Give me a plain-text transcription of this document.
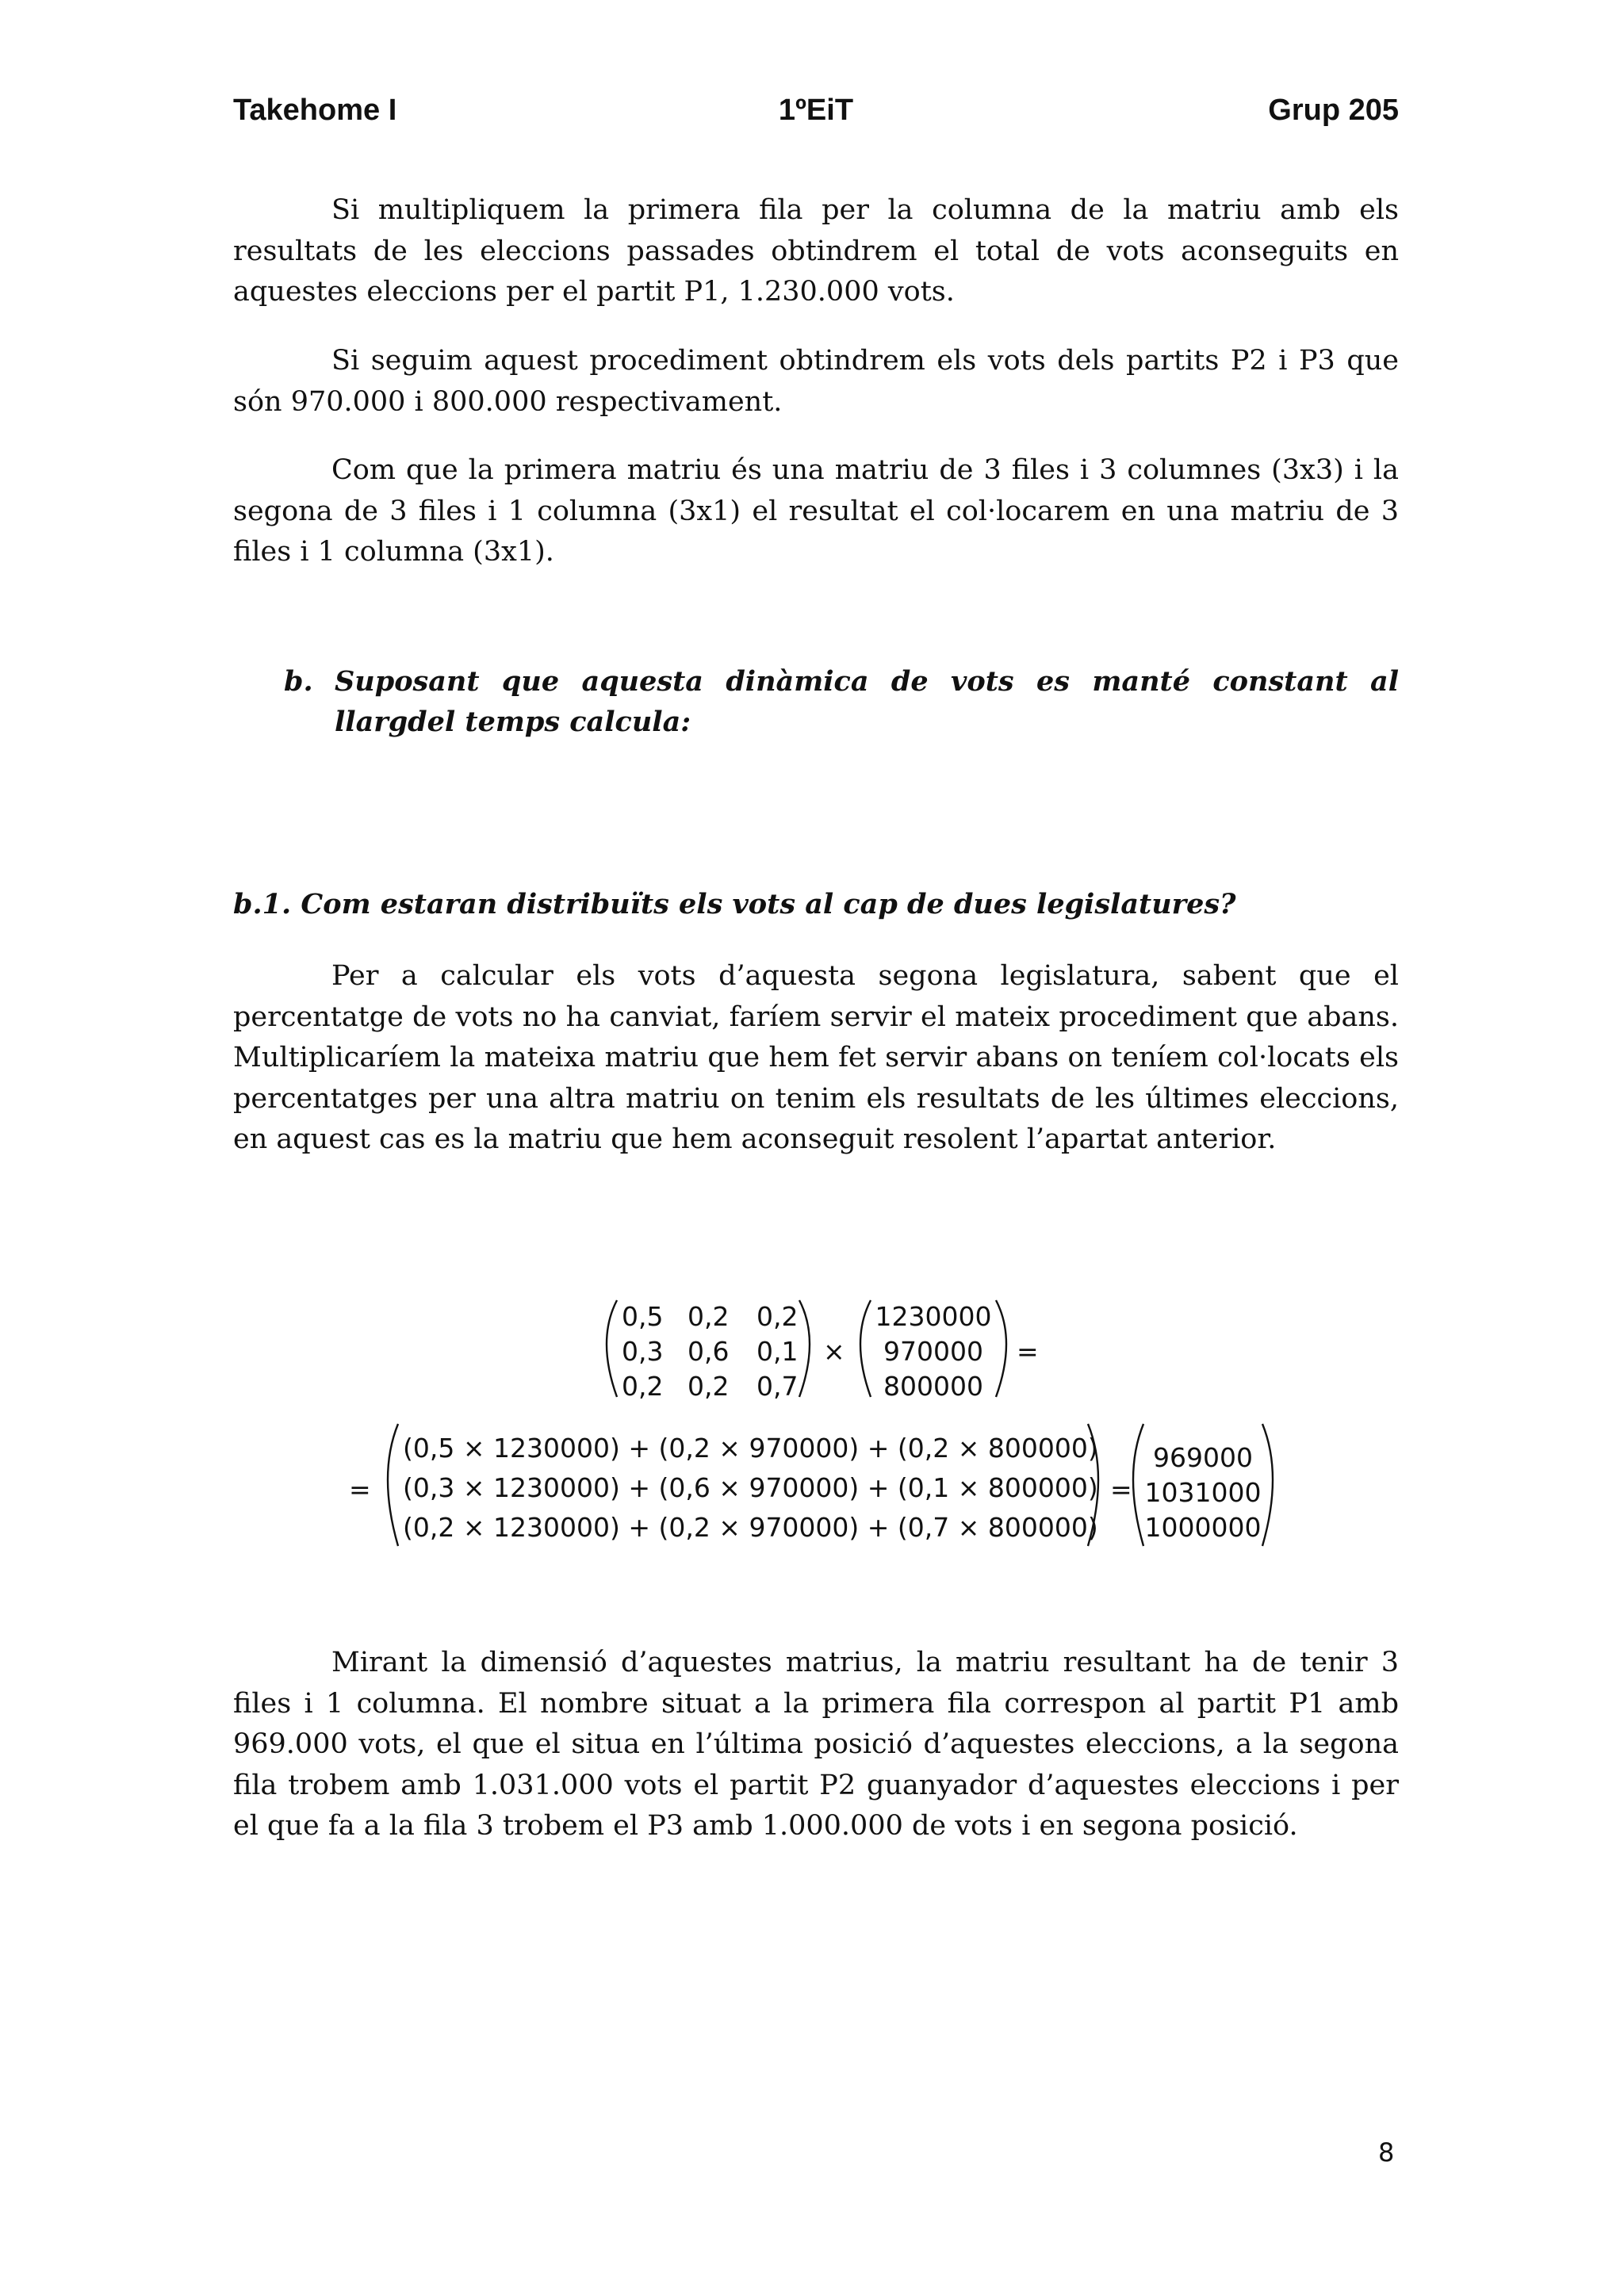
Takehome I	1ºEiT	Grup 205

Si multipliquem la primera fila per la columna de la matriu amb els resultats de les eleccions passades obtindrem el total de vots aconseguits en aquestes eleccions per el partit P1, 1.230.000 vots.

Si seguim aquest procediment obtindrem els vots dels partits P2 i P3 que són 970.000 i 800.000 respectivament.

Com que la primera matriu és una matriu de 3 files i 3 columnes (3x3) i la segona de 3 files i 1 columna (3x1) el resultat el col·locarem en una matriu de 3 files i 1 columna (3x1).

b. Suposant que aquesta dinàmica de vots es manté constant al
llargdel temps calcula:
b.1. Com estaran distribuïts els vots al cap de dues legislatures?

Per a calcular els vots d’aquesta segona legislatura, sabent que el percentatge de vots no ha canviat, faríem servir el mateix procediment que abans. Multiplicaríem la mateixa matriu que hem fet servir abans on teníem col·locats els percentatges per una altra matriu on tenim els resultats de les últimes eleccions, en aquest cas es la matriu que hem aconseguit resolent l’apartat anterior.

0,5 0,2 0,2
0,3 0,6 0,1
0,2 0,2 0,7
×
1230000
970000
800000
=
=
(0,5 × 1230000) + (0,2 × 970000) + (0,2 × 800000)
(0,3 × 1230000) + (0,6 × 970000) + (0,1 × 800000)
(0,2 × 1230000) + (0,2 × 970000) + (0,7 × 800000)
=
969000
1031000
1000000

Mirant la dimensió d’aquestes matrius, la matriu resultant ha de tenir 3 files i 1 columna. El nombre situat a la primera fila correspon al partit P1 amb 969.000 vots, el que el situa en l’última posició d’aquestes eleccions, a la segona fila trobem amb 1.031.000 vots el partit P2 guanyador d’aquestes eleccions i per el que fa a la fila 3 trobem el P3 amb 1.000.000 de vots i en segona posició.

8
